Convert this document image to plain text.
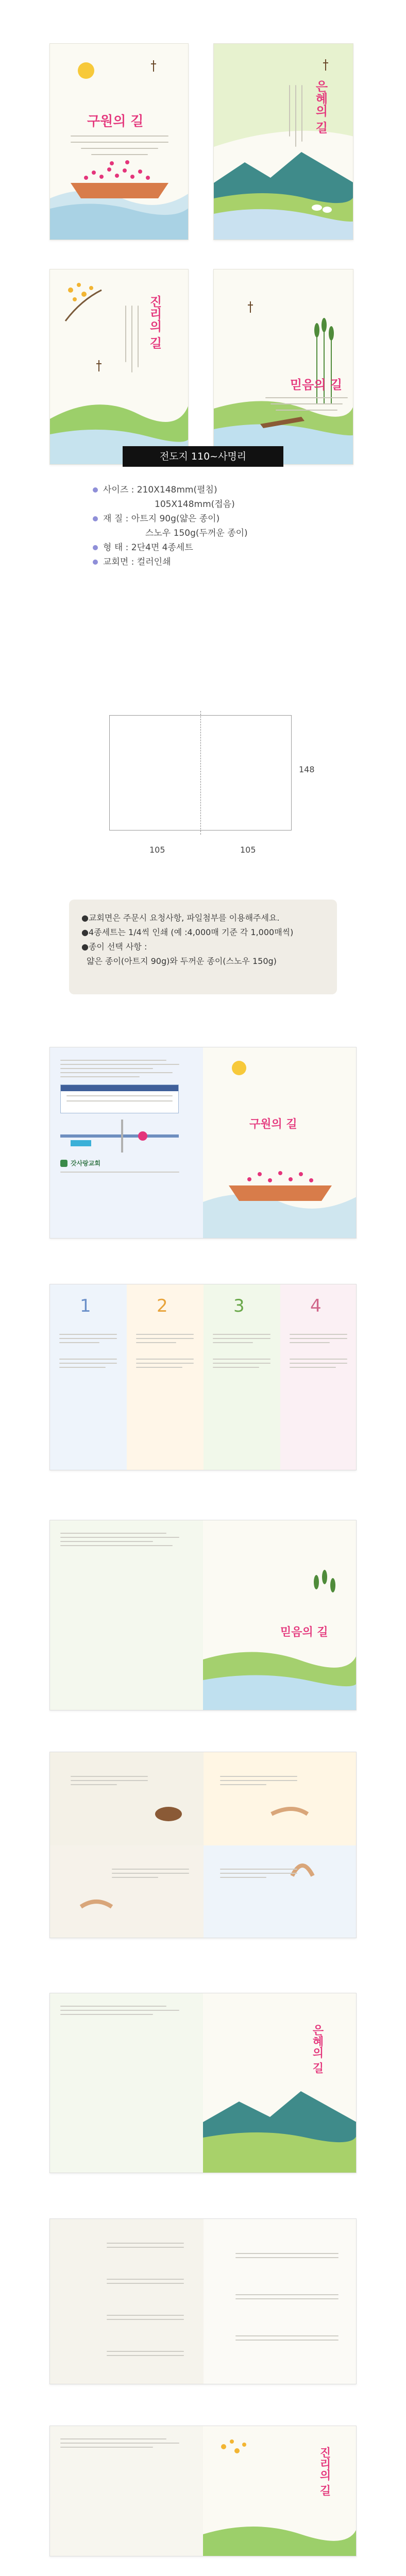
구원의 길	은혜의 길
진리의 길
믿음의 길
전도지 110~사명리
사이즈 : 210X148mm(펼침)
105X148mm(접음)
재 질 : 아트지 90g(얇은 종이)
스노우 150g(두꺼운 종이)
형 태 : 2단4면 4종세트
교회면 : 컬러인쇄
148
105	105
●교회면은 주문시 요청사항, 파일첨부를 이용해주세요.
●4종세트는 1/4씩 인쇄 (예 :4,000매 기준 각 1,000매씩)
●종이 선택 사항 :
얇은 종이(아트지 90g)와 두꺼운 종이(스노우 150g)
갓사랑교회
구원의 길
1	2	3	4
믿음의 길
은혜의 길
진리의 길
